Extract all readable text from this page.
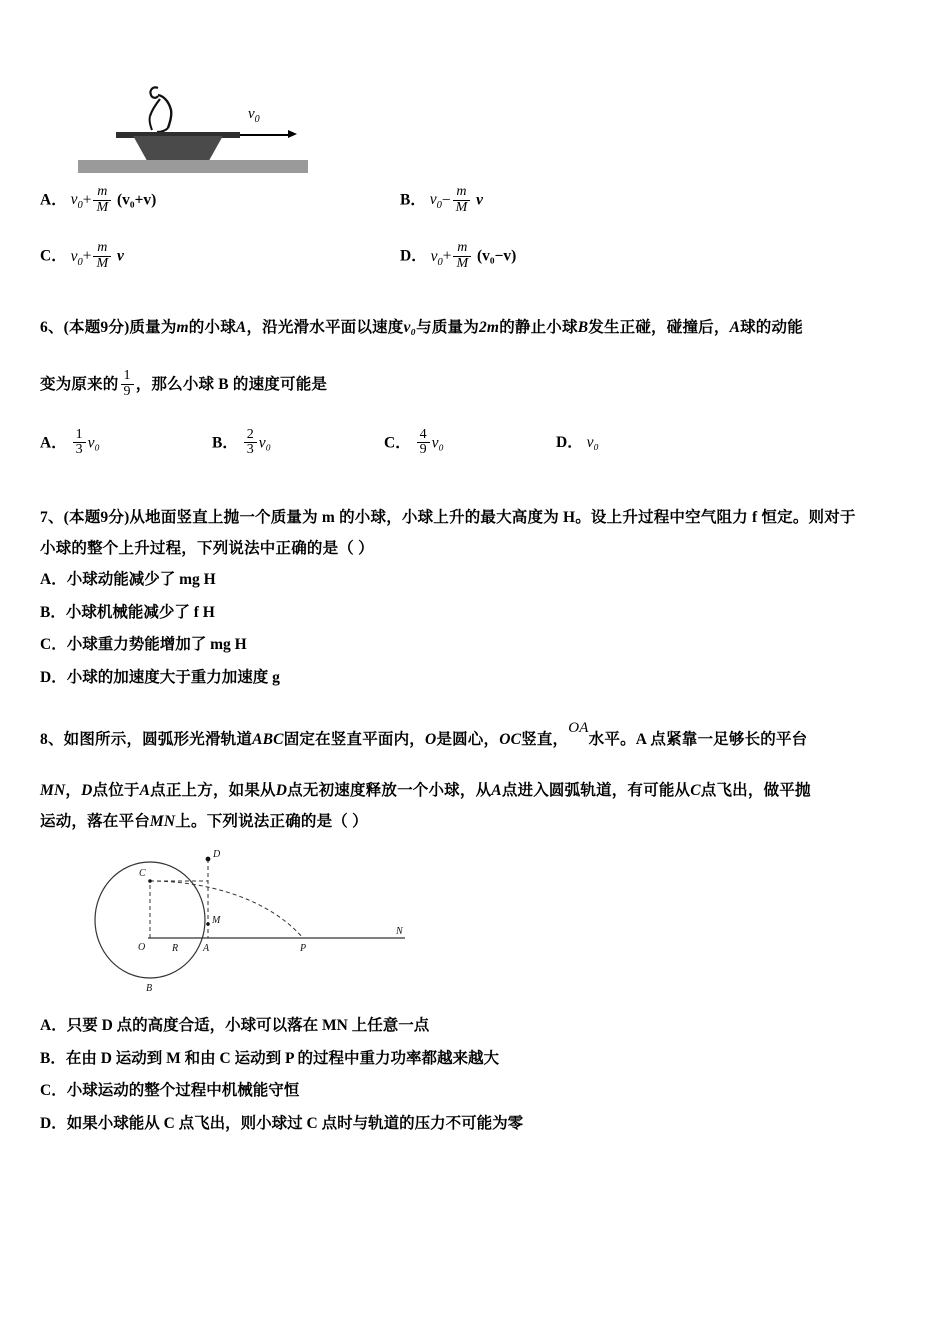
$v_0$
A． $v_0+ \frac{m}{M} (v_0+v)$	B． $v_0- \frac{m}{M}$ v
C． $v_0+ \frac{m}{M}$ v	D． $v_0+ \frac{m}{M} (v_0-v)$
6、(本题9分)质量为m的小球A，沿光滑水平面以速度v₀与质量为2m的静止小球B发生正碰，碰撞后，A球的动能
变为原来的 $\frac{1}{9}$ ，那么小球 B 的速度可能是
A． $\frac{1}{3} v_0$	B． $\frac{2}{3} v_0$	C． $\frac{4}{9} v_0$	D． v₀
7、(本题9分)从地面竖直上抛一个质量为 m 的小球，小球上升的最大高度为 H。设上升过程中空气阻力 f 恒定。则对于
小球的整个上升过程，下列说法中正确的是（ ）
A．小球动能减少了 mg H
B．小球机械能减少了 f H
C．小球重力势能增加了 mg H
D．小球的加速度大于重力加速度 g
8、如图所示，圆弧形光滑轨道ABC固定在竖直平面内，O是圆心，OC竖直，OA水平。A 点紧靠一足够长的平台
MN，D点位于A点正上方，如果从D点无初速度释放一个小球，从A点进入圆弧轨道，有可能从C点飞出，做平抛
运动，落在平台MN上。下列说法正确的是（ ）
C
D
O	R A
M
N
P
B
A．只要 D 点的高度合适，小球可以落在 MN 上任意一点
B．在由 D 运动到 M 和由 C 运动到 P 的过程中重力功率都越来越大
C．小球运动的整个过程中机械能守恒
D．如果小球能从 C 点飞出，则小球过 C 点时与轨道的压力不可能为零
